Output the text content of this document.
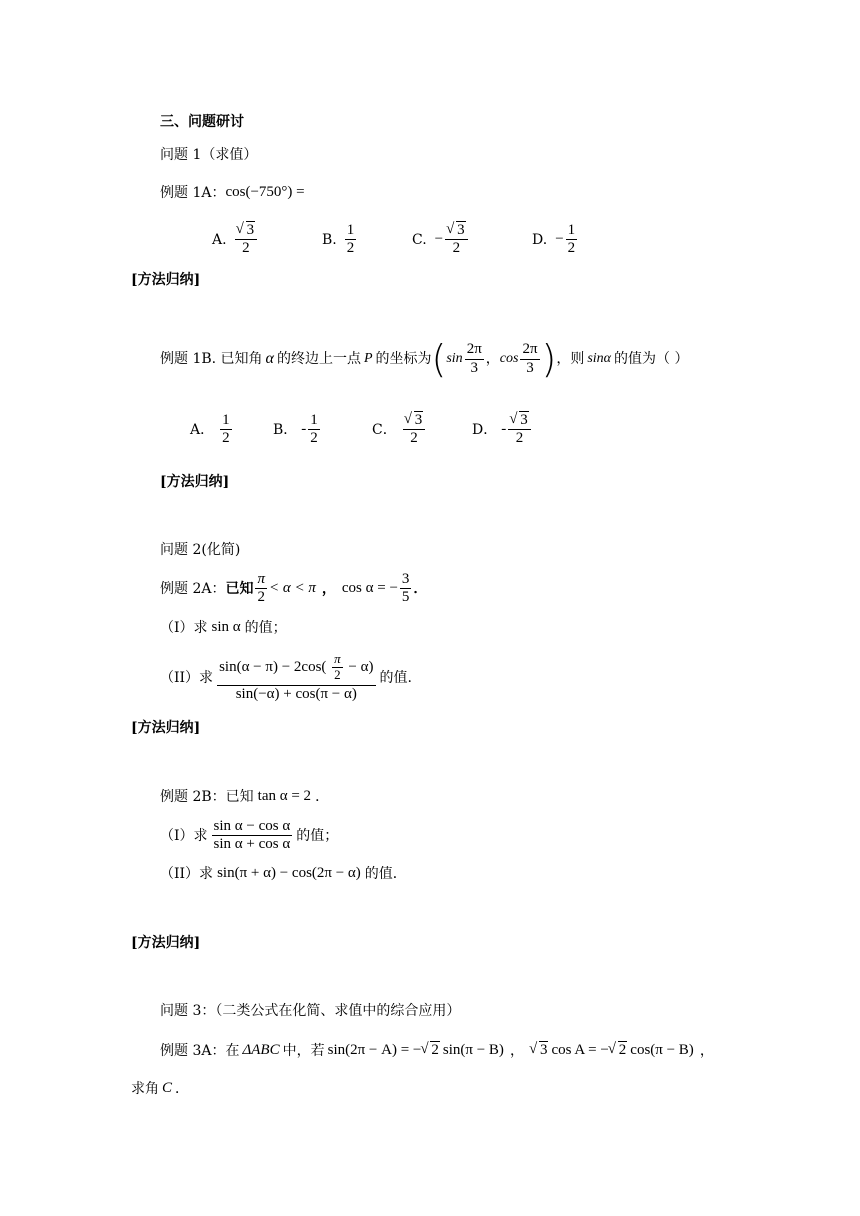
三、问题研讨
问题 1（求值）
例题 1A： cos(−750°) =
A. √ $\frac{3}{2}$	B. $\frac{1}{2}$	C. − √ $\frac{3}{2}$	D. − $\frac{1}{2}$
[方法归纳]
例题 1B. 已知角 α 的终边上一点 P 的坐标为 ( $\sin \frac{2\pi}{3}$ ， $\cos \frac{2\pi}{3}$ ) ，则 sinα 的值为（ ）
A． $\frac{1}{2}$	B． - $\frac{1}{2}$	C． √ $\frac{3}{2}$	D． - √ $\frac{3}{2}$
[方法归纳]
问题 2(化简)
例题 2A： 已知 $\frac{\pi}{2} < \alpha < \pi$ ， cos α = − $\frac{3}{5}$ ．
（I）求 sin α 的值；
（II）求
$\sin(\alpha - \pi) - 2\cos( \frac{\pi}{2} - \alpha)$
sin(−α) + cos(π − α)
的值.
[方法归纳]
例题 2B：已知 tan α = 2 ．
（I）求 $\frac{\text{sin α − cos α}}{\text{sin α + cos α}}$ 的值；
（II）求 sin(π + α) − cos(2π − α) 的值．
[方法归纳]
问题 3：（二类公式在化简、求值中的综合应用）
例题 3A：在 ΔABC 中，若 sin(2π − A) = − √ 2 sin(π − B) ，	√ 3 cos A = − √ 2 cos(π − B) ，
求角 C ．
